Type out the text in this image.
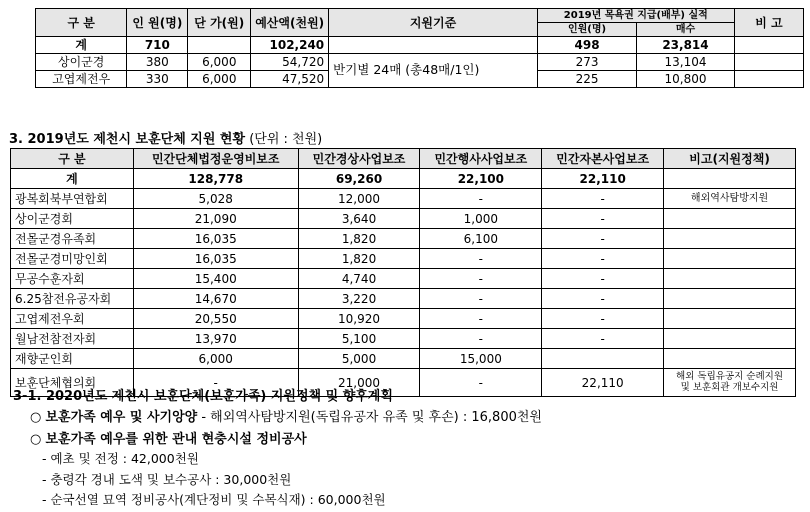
구 분	인 원(명)	단 가(원)	예산액(천원)	지원기준	2019년 목욕권 지급(배부) 실적		비 고
					인원(명)	매수	
계	710		102,240		498	23,814	
상이군경	380	6,000	54,720	반기별 24매 (총48매/1인)	273	13,104	
고엽제전우	330	6,000	47,520		225	10,800	
3. 2019년도 제천시 보훈단체 지원 현황 (단위 : 천원)
구 분	민간단체법정운영비보조	민간경상사업보조	민간행사사업보조	민간자본사업보조	비고(지원정책)
계	128,778	69,260	22,100	22,110	
광복회북부연합회	5,028	12,000	-	-	해외역사탐방지원
상이군경회	21,090	3,640	1,000	-	
전몰군경유족회	16,035	1,820	6,100	-	
전몰군경미망인회	16,035	1,820	-	-	
무공수훈자회	15,400	4,740	-	-	
6.25참전유공자회	14,670	3,220	-	-	
고엽제전우회	20,550	10,920	-	-	
월남전참전자회	13,970	5,100	-	-	
재향군인회	6,000	5,000	15,000		
보훈단체협의회	-	21,000	-	22,110	해외 독립유공지 순례지원
및 보훈회관 개보수지원
3-1. 2020년도 제천시 보훈단체(보훈가족) 지원정책 및 향후계획
○ 보훈가족 예우 및 사기앙양 - 해외역사탐방지원(독립유공자 유족 및 후손) : 16,800천원
○ 보훈가족 예우를 위한 관내 현충시설 정비공사
- 예초 및 전정 : 42,000천원
- 충령각 경내 도색 및 보수공사 : 30,000천원
- 순국선열 묘역 정비공사(계단정비 및 수목식재) : 60,000천원
